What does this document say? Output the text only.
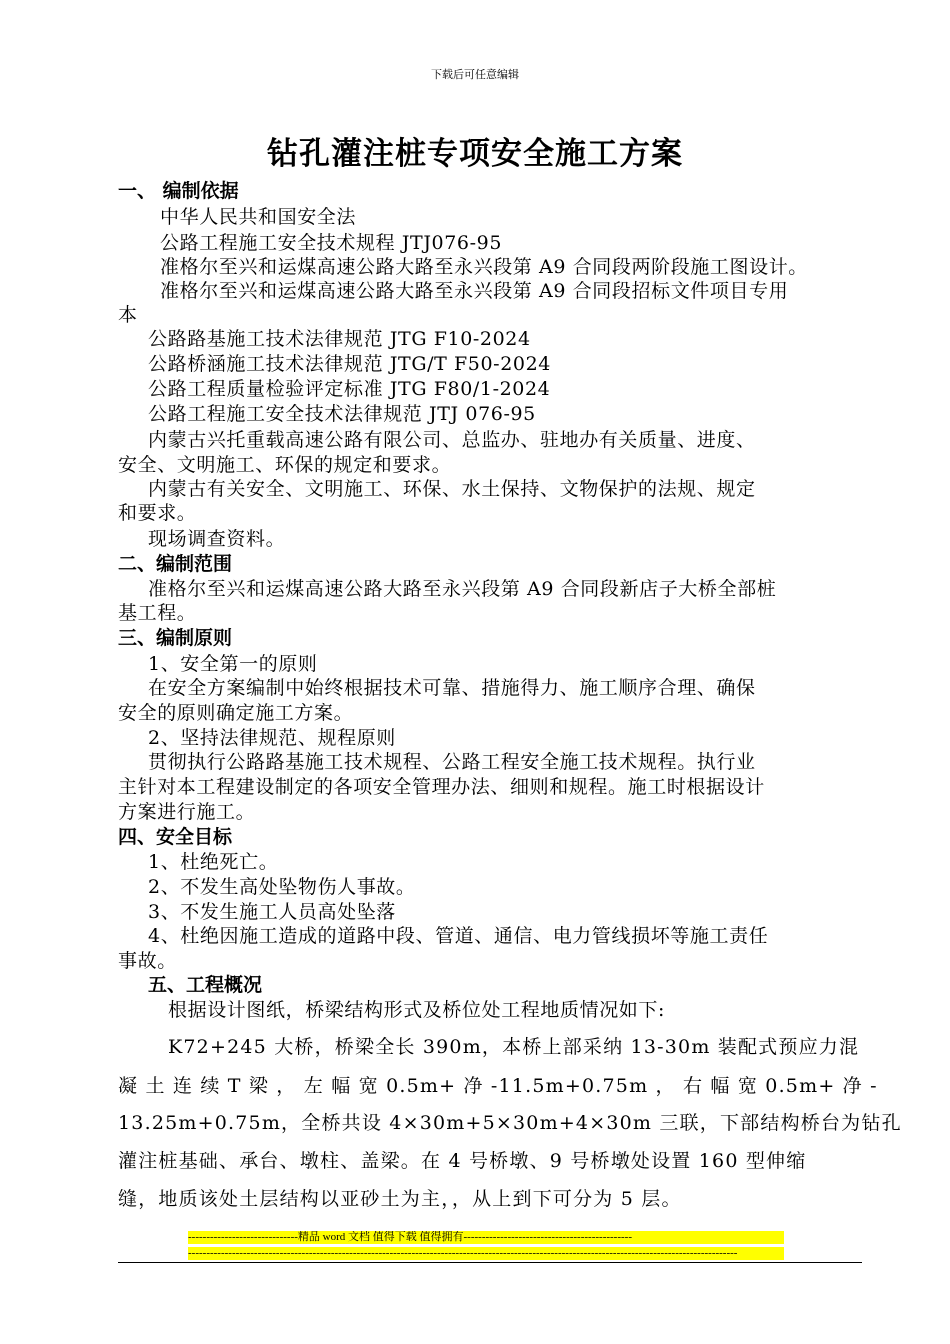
下载后可任意编辑
钻孔灌注桩专项安全施工方案
一、 编制依据
中华人民共和国安全法
公路工程施工安全技术规程 JTJ076-95
准格尔至兴和运煤高速公路大路至永兴段第 A9 合同段两阶段施工图设计。
准格尔至兴和运煤高速公路大路至永兴段第 A9 合同段招标文件项目专用
本
公路路基施工技术法律规范 JTG F10-2024
公路桥涵施工技术法律规范 JTG/T F50-2024
公路工程质量检验评定标准 JTG F80/1-2024
公路工程施工安全技术法律规范 JTJ 076-95
内蒙古兴托重载高速公路有限公司、总监办、驻地办有关质量、进度、
安全、文明施工、环保的规定和要求。
内蒙古有关安全、文明施工、环保、水土保持、文物保护的法规、规定
和要求。
现场调查资料。
二、编制范围
准格尔至兴和运煤高速公路大路至永兴段第 A9 合同段新店子大桥全部桩
基工程。
三、编制原则
1、安全第一的原则
在安全方案编制中始终根据技术可靠、措施得力、施工顺序合理、确保
安全的原则确定施工方案。
2、坚持法律规范、规程原则
贯彻执行公路路基施工技术规程、公路工程安全施工技术规程。执行业
主针对本工程建设制定的各项安全管理办法、细则和规程。施工时根据设计
方案进行施工。
四、安全目标
1、杜绝死亡。
2、不发生高处坠物伤人事故。
3、不发生施工人员高处坠落
4、杜绝因施工造成的道路中段、管道、通信、电力管线损坏等施工责任
事故。
五、工程概况
根据设计图纸，桥梁结构形式及桥位处工程地质情况如下:
K72+245 大桥，桥梁全长 390m，本桥上部采纳 13-30m 装配式预应力混
凝 土 连 续 T 梁 ， 左 幅 宽 0.5m+ 净 -11.5m+0.75m ， 右 幅 宽 0.5m+ 净 -
13.25m+0.75m，全桥共设 4×30m+5×30m+4×30m 三联，下部结构桥台为钻孔
灌注桩基础、承台、墩柱、盖梁。在 4 号桥墩、9 号桥墩处设置 160 型伸缩
缝，地质该处土层结构以亚砂土为主，，从上到下可分为 5 层。
------------------------------精品 word 文档 值得下载 值得拥有----------------------------------------------
------------------------------------------------------------------------------------------------------------------------------------------------------
